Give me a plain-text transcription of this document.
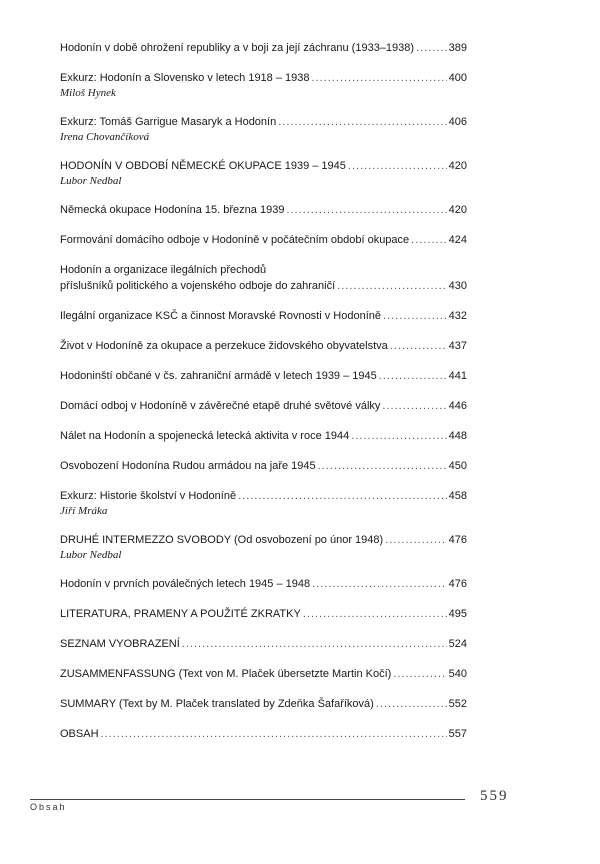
Hodonín v době ohrožení republiky a v boji za její záchranu (1933–1938) .....	389
Exkurz: Hodonín a Slovensko v letech 1918 – 1938 .....	400
Miloš Hynek
Exkurz: Tomáš Garrigue Masaryk a Hodonín .....	406
Irena Chovančíková
HODONÍN V OBDOBÍ NĚMECKÉ OKUPACE 1939 – 1945 .....	420
Lubor Nedbal
Německá okupace Hodonína 15. března 1939 .....	420
Formování domácího odboje v Hodoníně v počátečním období okupace .....	424
Hodonín a organizace ilegálních přechodů
příslušníků politického a vojenského odboje do zahraničí .....	430
Ilegální organizace KSČ a činnost Moravské Rovnosti v Hodoníně .....	432
Život v Hodoníně za okupace a perzekuce židovského obyvatelstva .....	437
Hodoninští občané v čs. zahraniční armádě v letech 1939 – 1945 .....	441
Domácí odboj v Hodoníně v závěrečné etapě druhé světové války .....	446
Nálet na Hodonín a spojenecká letecká aktivita v roce 1944 .....	448
Osvobození Hodonína Rudou armádou na jaře 1945 .....	450
Exkurz: Historie školství v Hodoníně .....	458
Jiří Mráka
DRUHÉ INTERMEZZO SVOBODY (Od osvobození po únor 1948) .....	476
Lubor Nedbal
Hodonín v prvních poválečných letech 1945 – 1948 .....	476
LITERATURA, PRAMENY A POUŽITÉ ZKRATKY .....	495
SEZNAM VYOBRAZENÍ .....	524
ZUSAMMENFASSUNG (Text von M. Plaček übersetzte Martin Kočí) .....	540
SUMMARY (Text by M. Plaček translated by Zdeňka Šafaříková) .....	552
OBSAH .....	557
Obsah
559
